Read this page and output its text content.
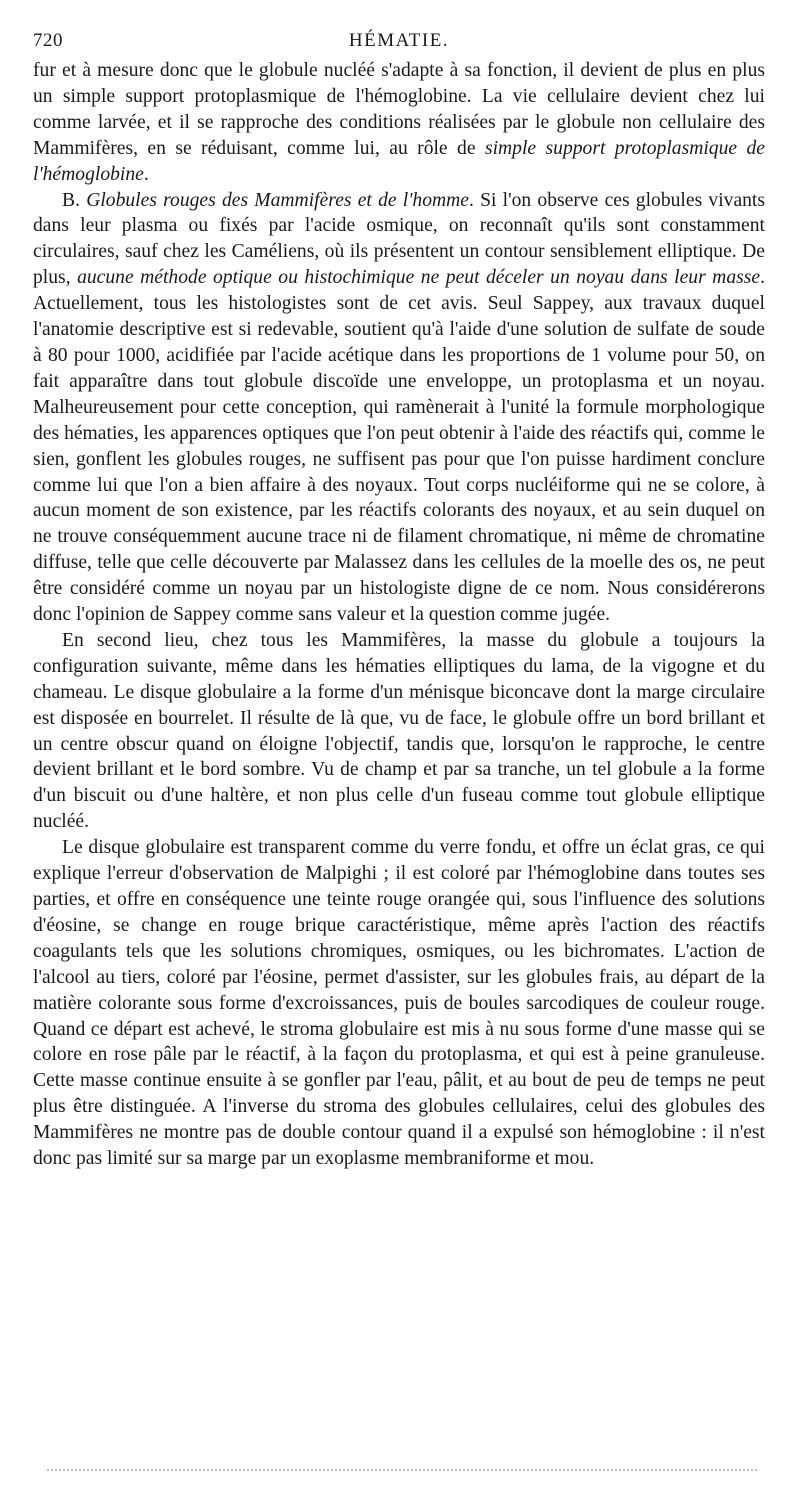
720	HÉMATIE.

fur et à mesure donc que le globule nucléé s'adapte à sa fonction, il devient de plus en plus un simple support protoplasmique de l'hémoglobine. La vie cellulaire devient chez lui comme larvée, et il se rapproche des conditions réalisées par le globule non cellulaire des Mammifères, en se réduisant, comme lui, au rôle de simple support protoplasmique de l'hémoglobine.

B. Globules rouges des Mammifères et de l'homme. Si l'on observe ces globules vivants dans leur plasma ou fixés par l'acide osmique, on reconnaît qu'ils sont constamment circulaires, sauf chez les Caméliens, où ils présentent un contour sensiblement elliptique. De plus, aucune méthode optique ou histochimique ne peut déceler un noyau dans leur masse. Actuellement, tous les histologistes sont de cet avis. Seul Sappey, aux travaux duquel l'anatomie descriptive est si redevable, soutient qu'à l'aide d'une solution de sulfate de soude à 80 pour 1000, acidifiée par l'acide acétique dans les proportions de 1 volume pour 50, on fait apparaître dans tout globule discoïde une enveloppe, un protoplasma et un noyau. Malheureusement pour cette conception, qui ramènerait à l'unité la formule morphologique des hématies, les apparences optiques que l'on peut obtenir à l'aide des réactifs qui, comme le sien, gonflent les globules rouges, ne suffisent pas pour que l'on puisse hardiment conclure comme lui que l'on a bien affaire à des noyaux. Tout corps nucléiforme qui ne se colore, à aucun moment de son existence, par les réactifs colorants des noyaux, et au sein duquel on ne trouve conséquemment aucune trace ni de filament chromatique, ni même de chromatine diffuse, telle que celle découverte par Malassez dans les cellules de la moelle des os, ne peut être considéré comme un noyau par un histologiste digne de ce nom. Nous considérerons donc l'opinion de Sappey comme sans valeur et la question comme jugée.

En second lieu, chez tous les Mammifères, la masse du globule a toujours la configuration suivante, même dans les hématies elliptiques du lama, de la vigogne et du chameau. Le disque globulaire a la forme d'un ménisque biconcave dont la marge circulaire est disposée en bourrelet. Il résulte de là que, vu de face, le globule offre un bord brillant et un centre obscur quand on éloigne l'objectif, tandis que, lorsqu'on le rapproche, le centre devient brillant et le bord sombre. Vu de champ et par sa tranche, un tel globule a la forme d'un biscuit ou d'une haltère, et non plus celle d'un fuseau comme tout globule elliptique nucléé.

Le disque globulaire est transparent comme du verre fondu, et offre un éclat gras, ce qui explique l'erreur d'observation de Malpighi ; il est coloré par l'hémoglobine dans toutes ses parties, et offre en conséquence une teinte rouge orangée qui, sous l'influence des solutions d'éosine, se change en rouge brique caractéristique, même après l'action des réactifs coagulants tels que les solutions chromiques, osmiques, ou les bichromates. L'action de l'alcool au tiers, coloré par l'éosine, permet d'assister, sur les globules frais, au départ de la matière colorante sous forme d'excroissances, puis de boules sarcodiques de couleur rouge. Quand ce départ est achevé, le stroma globulaire est mis à nu sous forme d'une masse qui se colore en rose pâle par le réactif, à la façon du protoplasma, et qui est à peine granuleuse. Cette masse continue ensuite à se gonfler par l'eau, pâlit, et au bout de peu de temps ne peut plus être distinguée. A l'inverse du stroma des globules cellulaires, celui des globules des Mammifères ne montre pas de double contour quand il a expulsé son hémoglobine : il n'est donc pas limité sur sa marge par un exoplasme membraniforme et mou.
